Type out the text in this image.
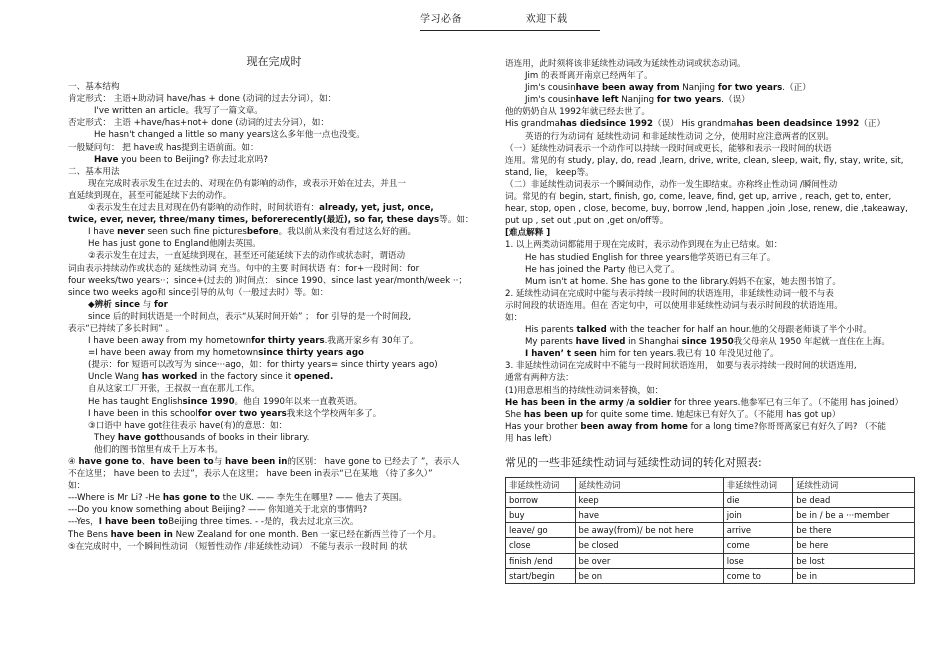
学习必备	欢迎下载

现在完成时

一、基本结构

肯定形式： 主语+助动词 have/has + done (动词的过去分词），如：

I've written an article。我写了一篇文章。

否定形式： 主语 +have/has+not+ done (动词的过去分词），如：

He hasn't changed a little so many years这么多年他一点也没变。

一般疑问句： 把 have或 has提到主语前面。如：

Have you been to Beijing? 你去过北京吗?

二、基本用法

现在完成时表示发生在过去的、对现在仍有影响的动作，或表示开始在过去，并且一

直延续到现在，甚至可能延续下去的动作。

①表示发生在过去且对现在仍有影响的动作时，时间状语有：already, yet, just, once,

twice, ever, never, three/many times, beforerecently(最近), so far, these days等。如：

I have never seen such fine picturesbefore。我以前从来没有看过这么好的画。

He has just gone to England他刚去英国。

②表示发生在过去，一直延续到现在，甚至还可能延续下去的动作或状态时，谓语动

词由表示持续动作或状态的 延续性动词 充当。句中的主要 时间状语 有：for+一段时间：for

four weeks/two years··；since+(过去的 )时间点： since 1990、since last year/month/week ··；

since two weeks ago和 since引导的从句（一般过去时）等。如：

◆辨析 since 与 for

since 后的时间状语是一个时间点，表示“从某时间开始” ； for 引导的是一个时间段,

表示“已持续了多长时间” 。

I have been away from my hometownfor thirty years.我离开家乡有 30年了。

=I have been away from my hometownsince thirty years ago

(提示：for 短语可以改写为 since···ago，如：for thirty years= since thirty years ago)

Uncle Wang has worked in the factory since it opened.

自从这家工厂开张，王叔叔一直在那儿工作。

He has taught Englishsince 1990。他自 1990年以来一直教英语。

I have been in this schoolfor over two years我来这个学校两年多了。

③口语中 have got往往表示 have(有)的意思：如：

They have gotthousands of books in their library.

他们的图书馆里有成千上万本书。

④ have gone to、have been to与 have been in的区别： have gone to 已经去了 ”，表示人

不在这里； have been to 去过”，表示人在这里； have been in表示“已在某地 （待了多久）”

如：

---Where is Mr Li? -He has gone to the UK. —— 李先生在哪里? —— 他去了英国。

---Do you know something about Beijing? —— 你知道关于北京的事情吗?

---Yes，I have been toBeijing three times. - -是的，我去过北京三次。

The Bens have been in New Zealand for one month. Ben 一家已经在新西兰待了一个月。

⑤在完成时中，一个瞬间性动词 （短暂性动作 /非延续性动词） 不能与表示一段时间 的状

语连用，此时须将该非延续性动词改为延续性动词或状态动词。

Jim 的表哥离开南京已经两年了。

Jim's cousinhave been away from Nanjing for two years.（正）

Jim's cousinhave left Nanjing for two years.（误）

他的奶奶自从 1992年就已经去世了。

His grandmahas diedsince 1992（误） His grandmahas been deadsince 1992（正）

英语的行为动词有 延续性动词 和非延续性动词 之分，使用时应注意两者的区别。

（一）延续性动词表示一个动作可以持续一段时间或更长，能够和表示一段时间的状语

连用。常见的有 study, play, do, read ,learn, drive, write, clean, sleep, wait, fly, stay, write, sit,

stand, lie， keep等。

（二）非延续性动词表示一个瞬间动作，动作一发生即结束。亦称终止性动词 /瞬间性动

词。常见的有 begin, start, finish, go, come, leave, find, get up, arrive , reach, get to, enter,

hear, stop, open , close, become, buy, borrow ,lend, happen ,join ,lose, renew, die ,takeaway,

put up , set out ,put on ,get on/off等。

[难点解释 ]

1. 以上两类动词都能用于现在完成时，表示动作到现在为止已结束。如：

He has studied English for three years他学英语已有三年了。

He has joined the Party 他已入党了。

Mum isn't at home. She has gone to the library.妈妈不在家，她去图书馆了。

2. 延续性动词在完成时中能与表示持续一段时间的状语连用，非延续性动词一般不与表

示时间段的状语连用。但在 否定句中，可以使用非延续性动词与表示时间段的状语连用。

如：

His parents talked with the teacher for half an hour.他的父母跟老师谈了半个小时。

My parents have lived in Shanghai since 1950我父母亲从 1950 年起就一直住在上海。

I haven’ t seen him for ten years.我已有 10 年没见过他了。

3. 非延续性动词在完成时中不能与一段时间状语连用， 如要与表示持续一段时间的状语连用,

通常有两种方法：

(1)用意思相当的持续性动词来替换，如：

He has been in the army /a soldier for three years.他参军已有三年了。（不能用 has joined）

She has been up for quite some time. 她起床已有好久了。（不能用 has got up）

Has your brother been away from home for a long time?你哥哥离家已有好久了吗? （不能

用 has left）

常见的一些非延续性动词与延续性动词的转化对照表:

非延续性动词	延续性动词	非延续性动词	延续性动词
borrow	keep	die	be dead
buy	have	join	be in / be a ···member
leave/ go	be away(from)/ be not here	arrive	be there
close	be closed	come	be here
finish /end	be over	lose	be lost
start/begin	be on	come to	be in
